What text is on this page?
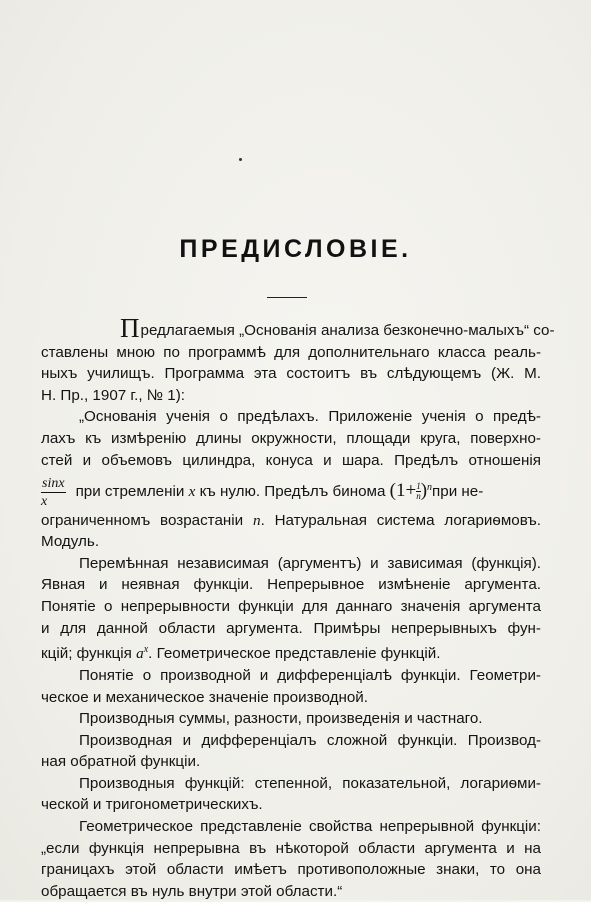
ПРЕДИСЛОВІЕ.
Предлагаемыя „Основанія анализа безконечно-малыхъ“ со-
ставлены мною по программѣ для дополнительнаго класса реаль-
ныхъ училищъ. Программа эта состоитъ въ слѣдующемъ (Ж. М.
Н. Пр., 1907 г., № 1):
„Основанія ученія о предѣлахъ. Приложеніе ученія о предѣ-
лахъ къ измѣренію длины окружности, площади круга, поверхно-
стей и объемовъ цилиндра, конуса и шара. Предѣлъ отношенія
$\frac{\sin x}{x}$ при стремленіи x къ нулю. Предѣлъ бинома $(1+ \frac{1}{n} )^nпри$ не-
ограниченномъ возрастаніи n. Натуральная система логариѳмовъ.
Модуль.
Перемѣнная независимая (аргументъ) и зависимая (функція).
Явная и неявная функціи. Непрерывное измѣненіе аргумента.
Понятіе о непрерывности функціи для даннаго значенія аргумента
и для данной области аргумента. Примѣры непрерывныхъ фун-
кцій; функція $a^x$. Геометрическое представленіе функцій.
Понятіе о производной и дифференціалѣ функціи. Геометри-
ческое и механическое значеніе производной.
Производныя суммы, разности, произведенія и частнаго.
Производная и дифференціалъ сложной функціи. Производ-
ная обратной функціи.
Производныя функцій: степенной, показательной, логариѳми-
ческой и тригонометрическихъ.
Геометрическое представленіе свойства непрерывной функціи:
„если функція непрерывна въ нѣкоторой области аргумента и на
границахъ этой области имѣетъ противоположные знаки, то она
обращается въ нуль внутри этой области.“
